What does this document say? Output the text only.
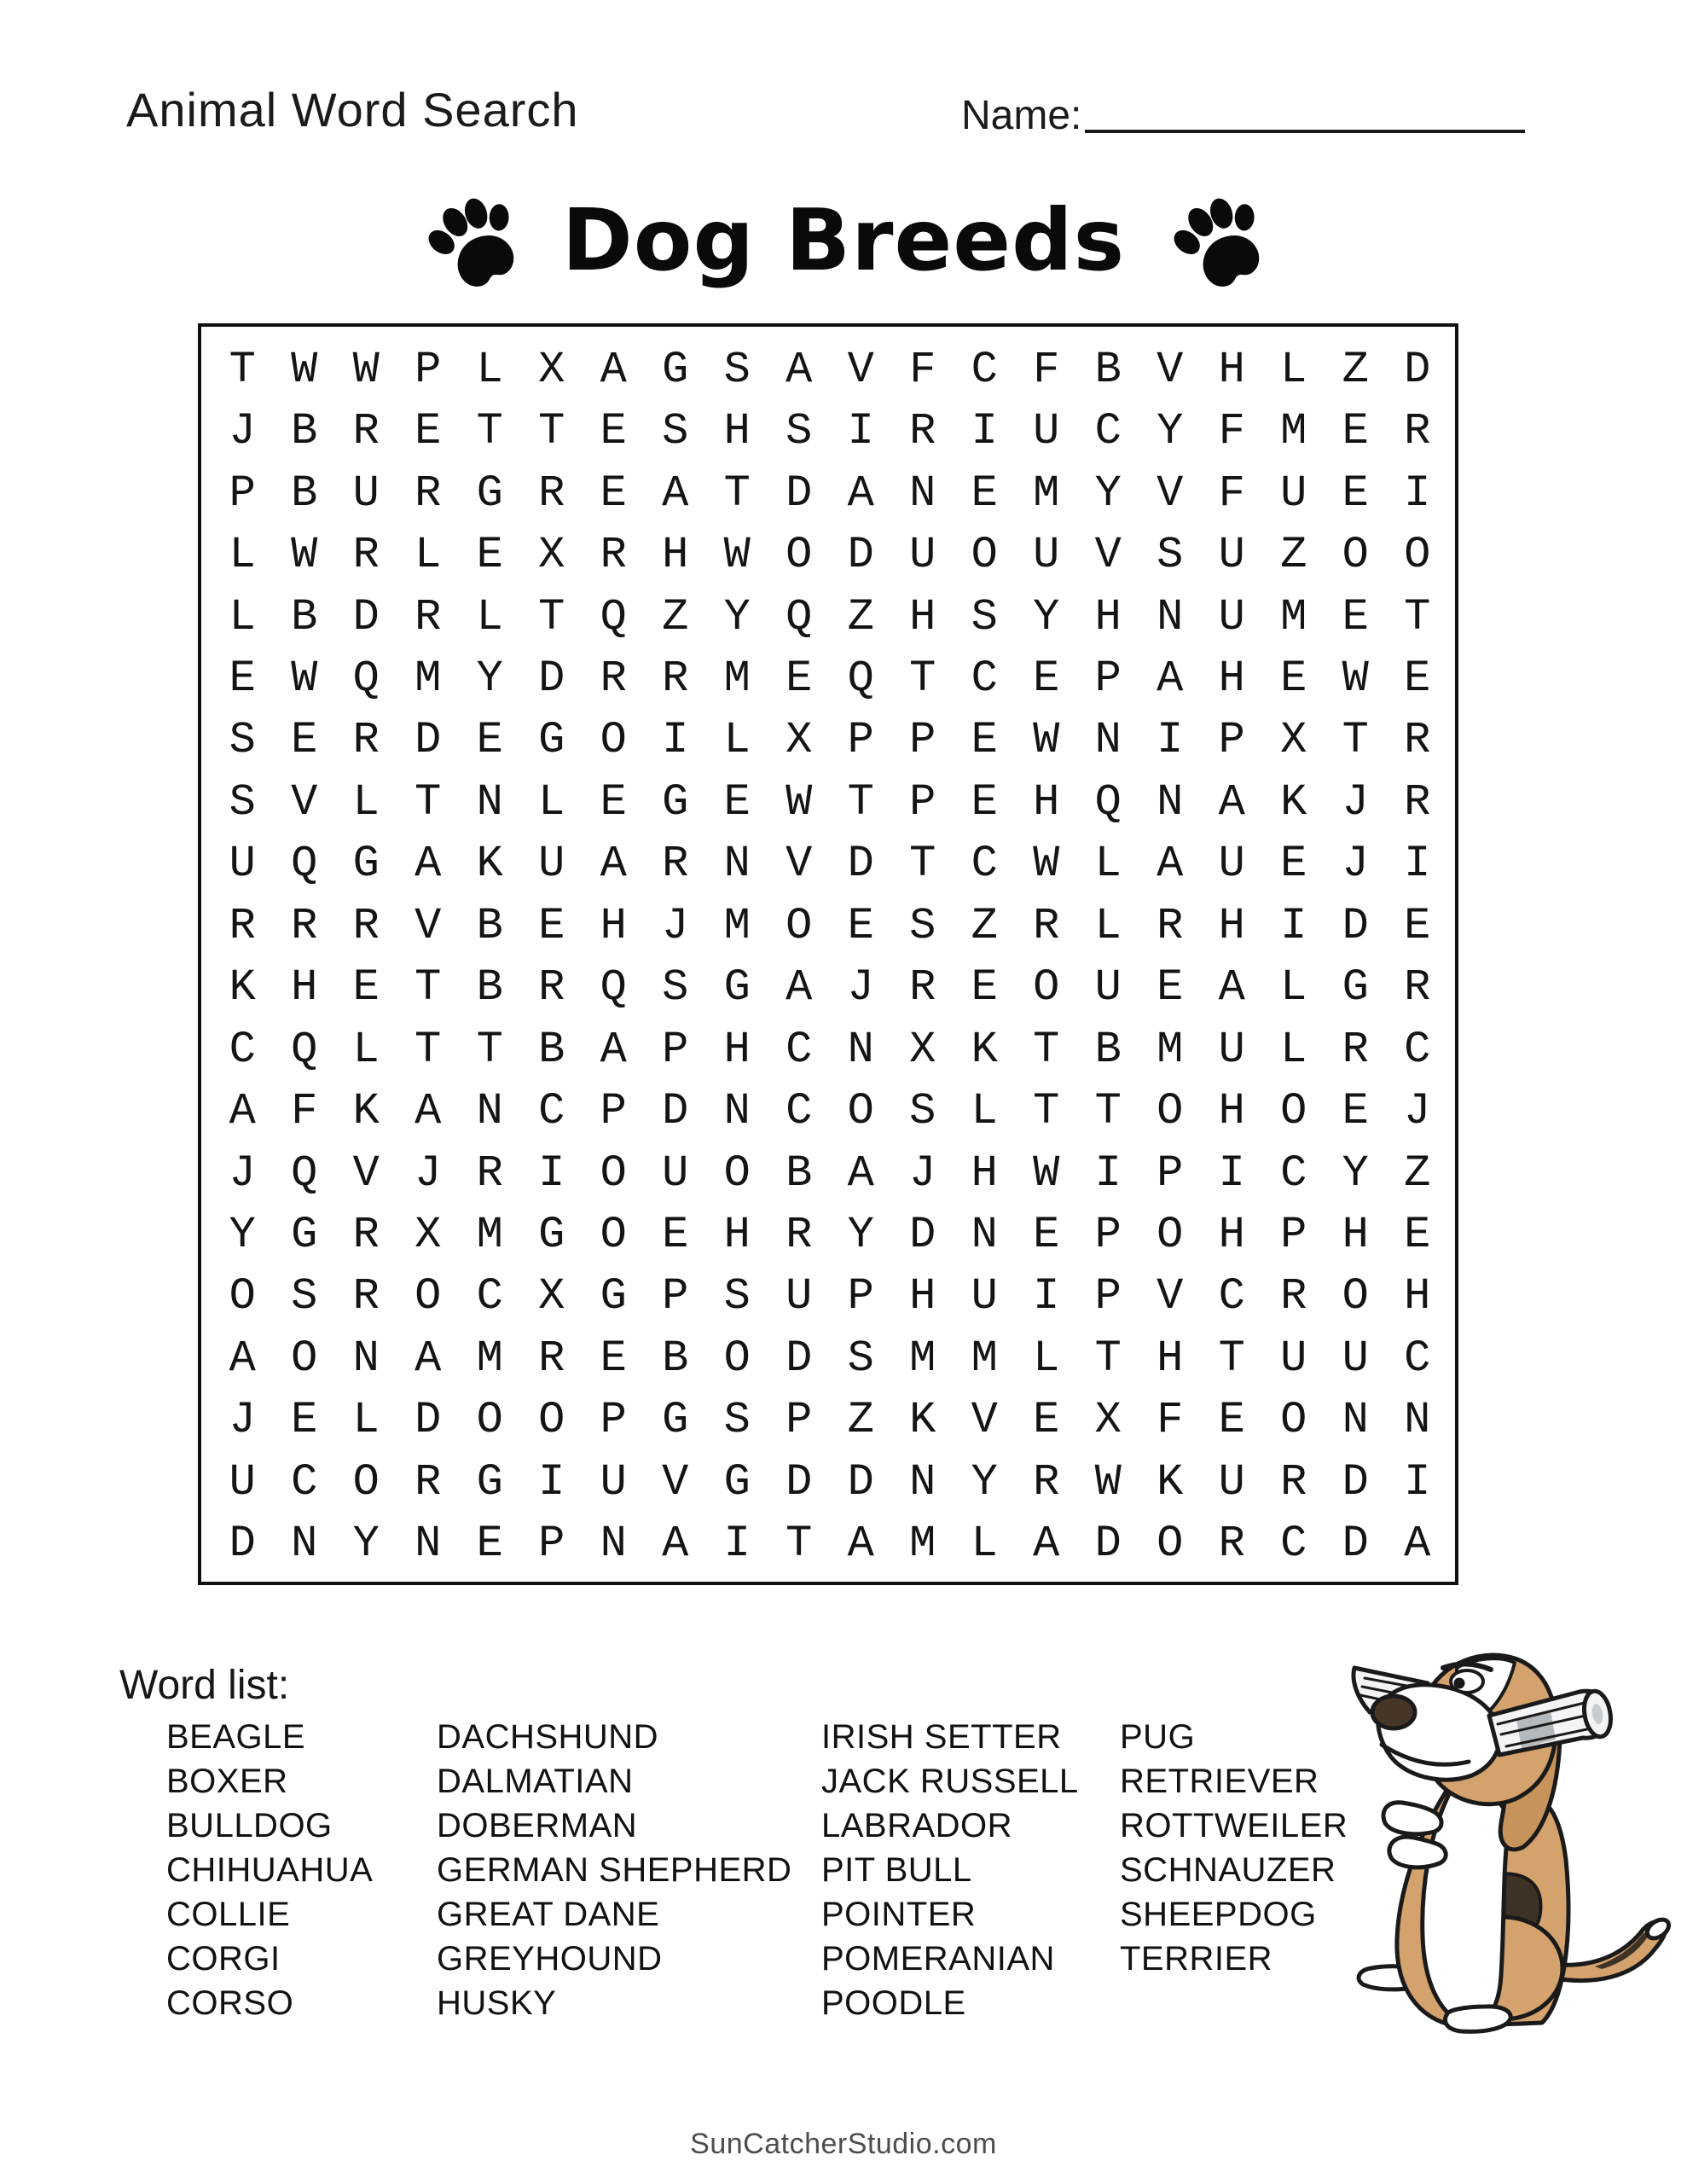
Animal Word Search	Name:
Dog Breeds
T W W P L X A G S A V F C F B V H L Z D
J B R E T T E S H S I R I U C Y F M E R
P B U R G R E A T D A N E M Y V F U E I
L W R L E X R H W O D U O U V S U Z O O
L B D R L T Q Z Y Q Z H S Y H N U M E T
E W Q M Y D R R M E Q T C E P A H E W E
S E R D E G O I L X P P E W N I P X T R
S V L T N L E G E W T P E H Q N A K J R
U Q G A K U A R N V D T C W L A U E J I
R R R V B E H J M O E S Z R L R H I D E
K H E T B R Q S G A J R E O U E A L G R
C Q L T T B A P H C N X K T B M U L R C
A F K A N C P D N C O S L T T O H O E J
J Q V J R I O U O B A J H W I P I C Y Z
Y G R X M G O E H R Y D N E P O H P H E
O S R O C X G P S U P H U I P V C R O H
A O N A M R E B O D S M M L T H T U U C
J E L D O O P G S P Z K V E X F E O N N
U C O R G I U V G D D N Y R W K U R D I
D N Y N E P N A I T A M L A D O R C D A
Word list:
BEAGLE
BOXER
BULLDOG
CHIHUAHUA
COLLIE
CORGI
CORSO
DACHSHUND
DALMATIAN
DOBERMAN
GERMAN SHEPHERD
GREAT DANE
GREYHOUND
HUSKY
IRISH SETTER
JACK RUSSELL
LABRADOR
PIT BULL
POINTER
POMERANIAN
POODLE
PUG
RETRIEVER
ROTTWEILER
SCHNAUZER
SHEEPDOG
TERRIER
SunCatcherStudio.com
